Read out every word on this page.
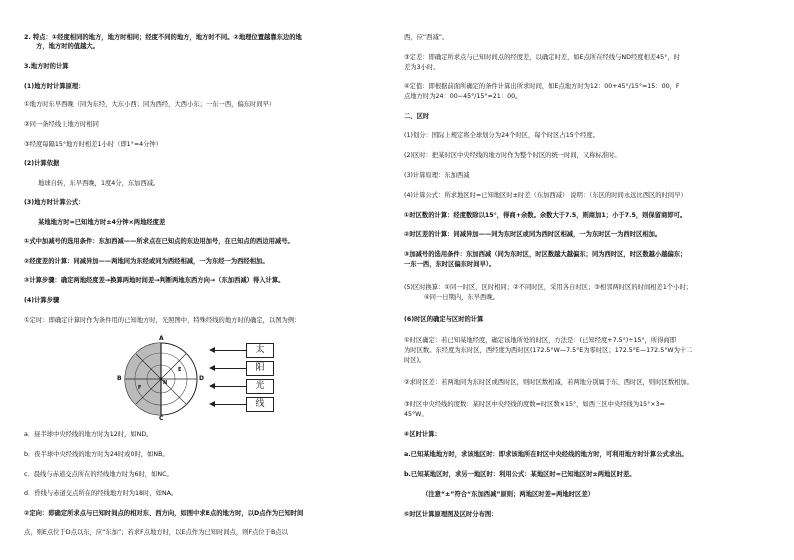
2. 特点：①经度相同的地方，地方时相同；经度不同的地方，地方时不同。②地理位置越靠东边的地
方，地方时的值越大。
3.地方时的计算
(1)地方时计算原理：
①地方时东早西晚（同为东经，大东小西；同为西经，大西小东；一东一西，偏东时间早）
②同一条经线上地方时相同
③经度每隔15°地方时相差1小时（即1°=4分钟）
(2)计算依据
地球自转，东早西晚，1度4分，东加西减。
(3)地方时计算公式：
某地地方时=已知地方时±4分钟×两地经度差
①式中加减号的选用条件：东加西减——所求点在已知点的东边用加号，在已知点的西边用减号。
②经度差的计算：同减异加——两地同为东经或同为西经相减，一为东经一为西经相加。
③计算步骤：确定两地经度差→换算两地时间差→判断两地东西方向→（东加西减）得入计算。
(4)计算步骤
①定时：即确定计算时作为条件用的已知地方时，光照图中，特殊经线的地方时的确定，以图为例：
a．昼半球中央经线的地方时为12时，如ND。
b．夜半球中央经线的地方时为24时或0时，如NB。
c．晨线与赤道交点所在的经线地方时为6时，如NC。
d．昏线与赤道交点所在的经线地方时为18时，如NA。
②定向：即确定所求点与已知时间点的相对东、西方向，如图中求E点的地方时，以D点作为已知时间
点，则E点位于D点以东，应“东加”；若求F点地方时，以E点作为已知时间点，则F点位于B点以
西，应“西减”。
③定差：即确定所求点与已知时间点的经度差，以确定时差，如E点所在经线与ND经度相差45°，时
差为3小时。
④定值：即根据前面所确定的条件计算出所求时间，如E点地方时为12：00+45°/15°=15：00，F
点地方时为24：00−45°/15°=21：00。
二、区时
(1)划分：国际上规定将全球划分为24个时区，每个时区占15个经度。
(2)区时：把某时区中央经线的地方时作为整个时区的统一时间，又称标准时。
(3)计算原理：东加西减
(4)计算公式：所求地区时=已知地区时±时差（东加西减） 说明：（东区的时间永远比西区的时间早）
①时区数的计算：经度数除以15°，得商+余数。余数大于7.5，则商加1；小于7.5，则保留商即可。
②时区差的计算：同减异加——同为东时区或同为西时区相减，一为东时区一为西时区相加。
③加减号的选用条件：东加西减（同为东时区，时区数越大越偏东；同为西时区，时区数越小越偏东；
一东一西，东时区偏东时间早）。
(5)区时换算：①同一时区，区时相同；②不同时区，采用各自时区；③相邻两时区的时间相差1个小时；
④同一日期内，东早西晚。
(6)时区的确定与区时的计算
①时区确定：若已知某地经度，确定该地所处的时区，方法是：(已知经度+7.5°)÷15°，所得商即
为时区数。东经度为东时区，西经度为西时区(172.5°W—7.5°E为零时区；172.5°E—172.5°W为十二
时区)。
②求时区差：若两地同为东时区或西时区，则时区数相减，若两地分别属于东、西时区，则时区数相加。
③时区中央经线的度数：某时区中央经线的度数=时区数×15°，如西三区中央经线为15°×3=
45°W。
④区时计算：
a.已知某地地方时，求该地区时：即求该地所在时区中央经线的地方时，可利用地方时计算公式求出。
b.已知某地区时，求另一地区时：利用公式：某地区时=已知地区时±两地区时差。
（注意“±”符合“东加西减”原则；两地区时差=两地时区差）
⑤时区计算原理图及区时分布图：
A
C
B	D
N
E
F
太
阳
光
线
